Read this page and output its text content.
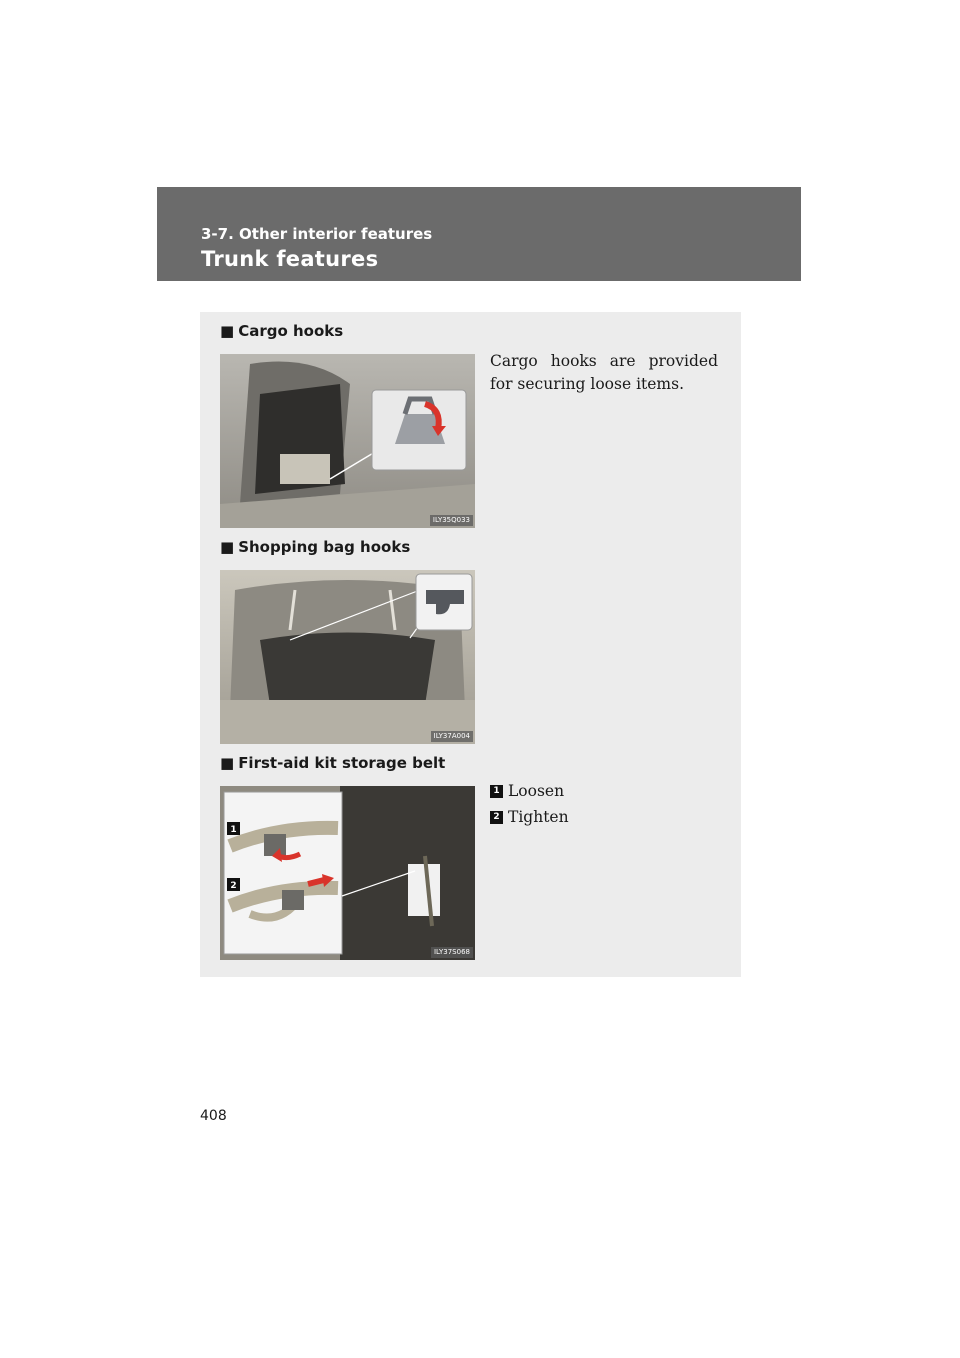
3-7. Other interior features
Trunk features
■ Cargo hooks
ILY35Q033
Cargo hooks are provided for securing loose items.
■ Shopping bag hooks
ILY37A004
■ First-aid kit storage belt
1
2
ILY37S068
1 Loosen
2 Tighten
408
